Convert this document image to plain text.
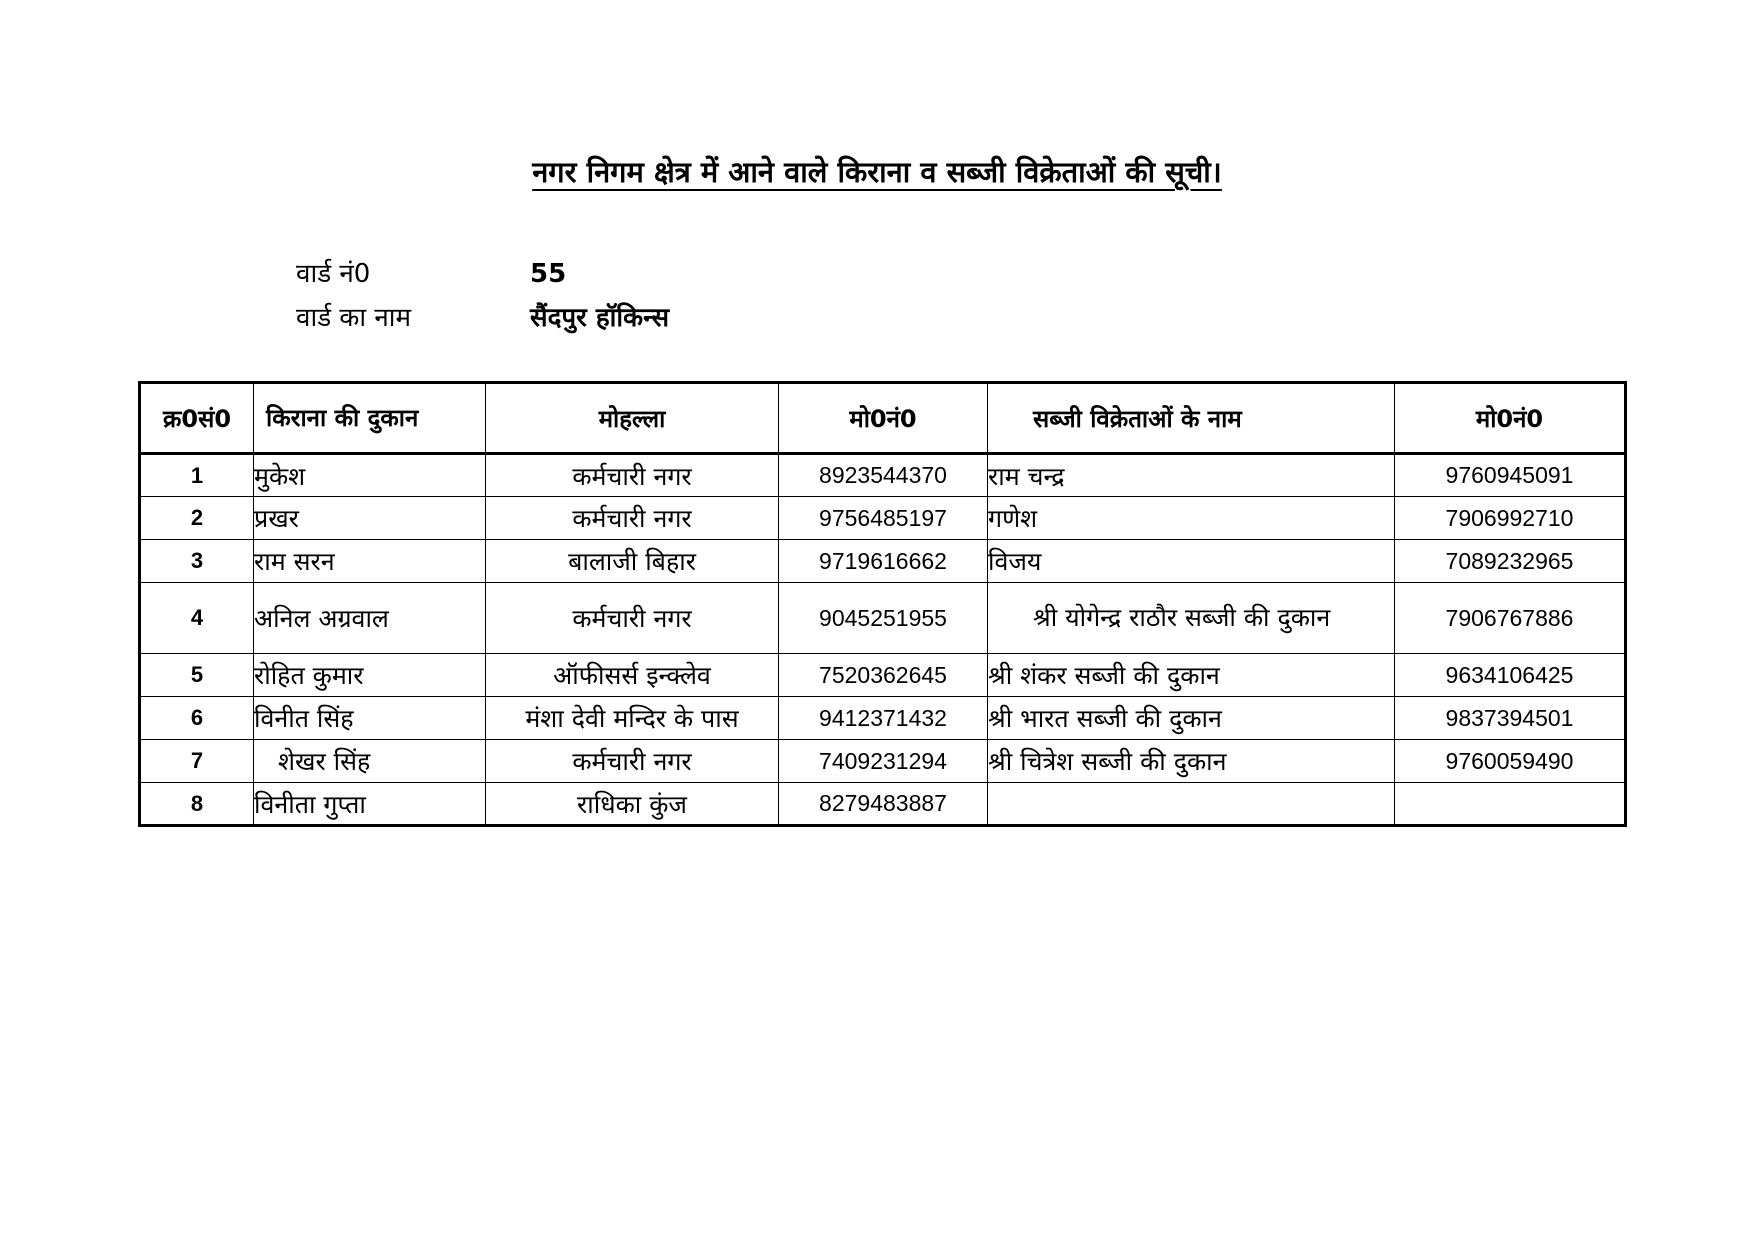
नगर निगम क्षेत्र में आने वाले किराना व सब्जी विक्रेताओं की सूची।
वार्ड नं0	55
वार्ड का नाम	सैंदपुर हॉकिन्स
क्र0सं0	किराना की दुकान	मोहल्ला	मो0नं0	सब्जी विक्रेताओं के नाम	मो0नं0
1	मुकेश	कर्मचारी नगर	8923544370	राम चन्द्र	9760945091
2	प्रखर	कर्मचारी नगर	9756485197	गणेश	7906992710
3	राम सरन	बालाजी बिहार	9719616662	विजय	7089232965
4	अनिल अग्रवाल	कर्मचारी नगर	9045251955	श्री योगेन्द्र राठौर सब्जी की दुकान	7906767886
5	रोहित कुमार	ऑफीसर्स इन्क्लेव	7520362645	श्री शंकर सब्जी की दुकान	9634106425
6	विनीत सिंह	मंशा देवी मन्दिर के पास	9412371432	श्री भारत सब्जी की दुकान	9837394501
7	शेखर सिंह	कर्मचारी नगर	7409231294	श्री चित्रेश सब्जी की दुकान	9760059490
8	विनीता गुप्ता	राधिका कुंज	8279483887		
